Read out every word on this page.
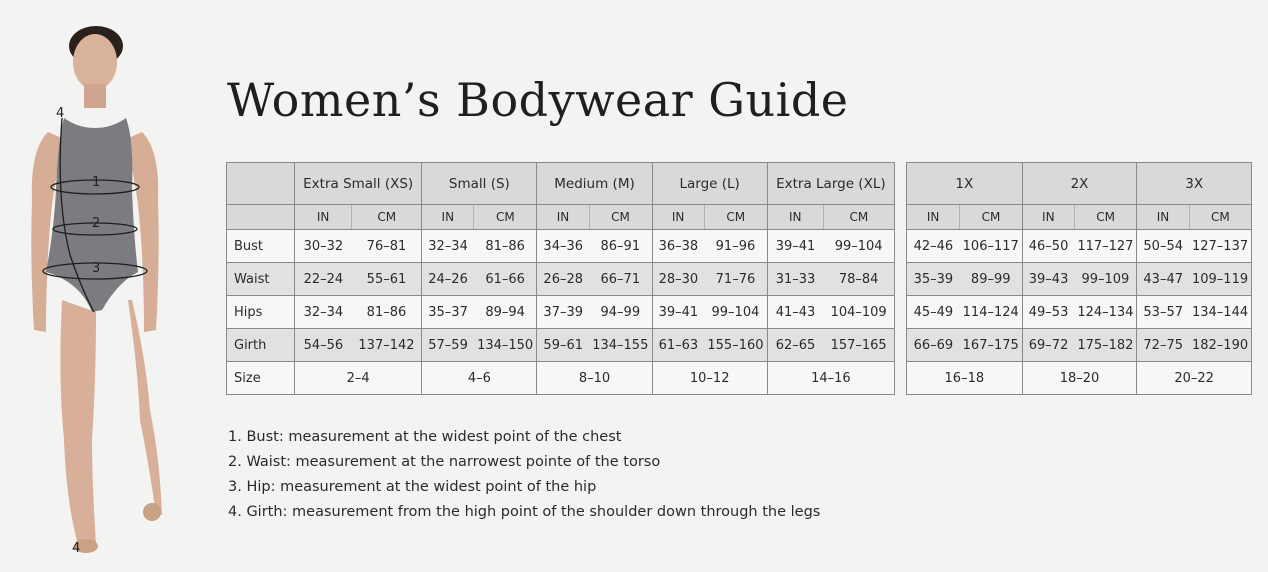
1
2
3
4
4
Women’s Bodywear Guide
	Extra Small (XS)		Small (S)		Medium (M)		Large (L)		Extra Large (XL)	
	IN	CM	IN	CM	IN	CM	IN	CM	IN	CM
Bust	30–32	76–81	32–34	81–86	34–36	86–91	36–38	91–96	39–41	99–104
Waist	22–24	55–61	24–26	61–66	26–28	66–71	28–30	71–76	31–33	78–84
Hips	32–34	81–86	35–37	89–94	37–39	94–99	39–41	99–104	41–43	104–109
Girth	54–56	137–142	57–59	134–150	59–61	134–155	61–63	155–160	62–65	157–165
Size	2–4		4–6		8–10		10–12		14–16	
1X		2X		3X	
IN	CM	IN	CM	IN	CM
42–46	106–117	46–50	117–127	50–54	127–137
35–39	89–99	39–43	99–109	43–47	109–119
45–49	114–124	49–53	124–134	53–57	134–144
66–69	167–175	69–72	175–182	72–75	182–190
16–18		18–20		20–22	
1. Bust: measurement at the widest point of the chest
2. Waist: measurement at the narrowest pointe of the torso
3. Hip: measurement at the widest point of the hip
4. Girth: measurement from the high point of the shoulder down through the legs
